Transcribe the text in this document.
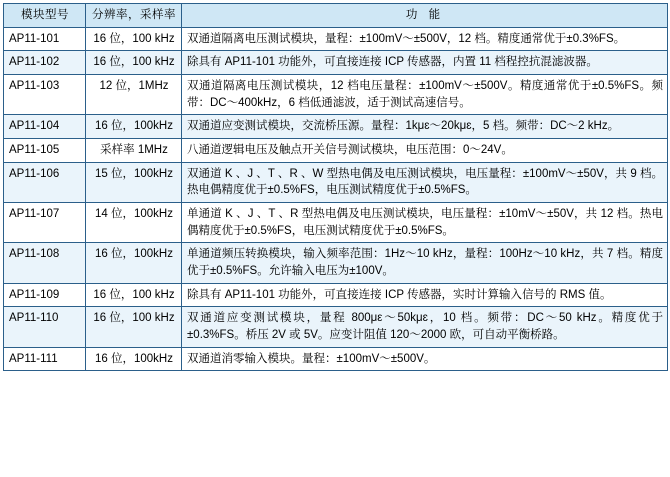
模块型号	分辨率，采样率	功 能
AP11-101	16 位，100 kHz	双通道隔离电压测试模块，量程：±100mV～±500V，12 档。精度通常优于±0.3%FS。
AP11-102	16 位，100 kHz	除具有 AP11-101 功能外，可直接连接 ICP 传感器，内置 11 档程控抗混滤波器。
AP11-103	12 位，1MHz	双通道隔离电压测试模块，12 档电压量程：±100mV～±500V。精度通常优于±0.5%FS。频带：DC～400kHz，6 档低通滤波，适于测试高速信号。
AP11-104	16 位，100kHz	双通道应变测试模块，交流桥压源。量程：1kμɛ～20kμɛ，5 档。频带：DC～2 kHz。
AP11-105	采样率 1MHz	八通道逻辑电压及触点开关信号测试模块，电压范围：0～24V。
AP11-106	15 位，100kHz	双通道 K 、J 、T 、R 、W 型热电偶及电压测试模块，电压量程：±100mV～±50V，共 9 档。热电偶精度优于±0.5%FS，电压测试精度优于±0.5%FS。
AP11-107	14 位，100kHz	单通道 K 、J 、T 、R 型热电偶及电压测试模块，电压量程：±10mV～±50V，共 12 档。热电偶精度优于±0.5%FS，电压测试精度优于±0.5%FS。
AP11-108	16 位，100kHz	单通道频压转换模块，输入频率范围：1Hz～10 kHz，量程：100Hz～10 kHz，共 7 档。精度优于±0.5%FS。允许输入电压为±100V。
AP11-109	16 位，100 kHz	除具有 AP11-101 功能外，可直接连接 ICP 传感器，实时计算输入信号的 RMS 值。
AP11-110	16 位，100 kHz	双通道应变测试模块，量程 800με～50kμɛ，10 档。频带：DC～50 kHz。精度优于±0.3%FS。桥压 2V 或 5V。应变计阻值 120～2000 欧，可自动平衡桥路。
AP11-111	16 位，100kHz	双通道消零输入模块。量程：±100mV～±500V。
